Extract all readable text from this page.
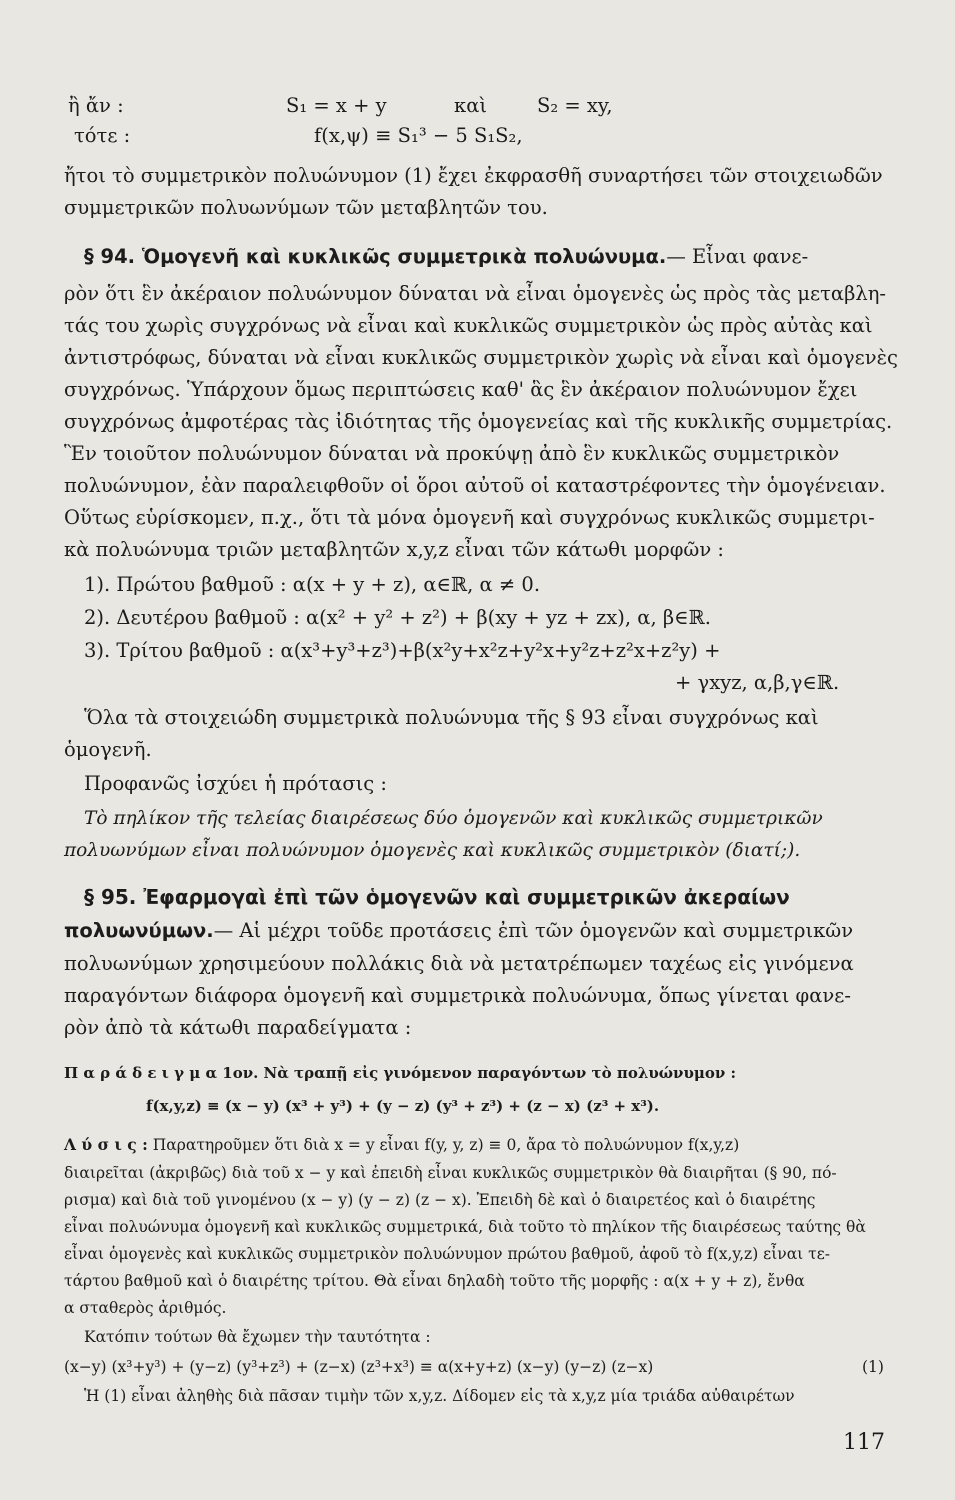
ἢ ἄν :	S₁ = x + y	καὶ	S₂ = xy,
τότε :	f(x,ψ) ≡ S₁³ − 5 S₁S₂,
ἤτοι τὸ συμμετρικὸν πολυώνυμον (1) ἔχει ἐκφρασθῆ συναρτήσει τῶν στοιχειωδῶν
συμμετρικῶν πολυωνύμων τῶν μεταβλητῶν του.
§ 94. Ὁμογενῆ καὶ κυκλικῶς συμμετρικὰ πολυώνυμα.— Εἶναι φανε-
ρὸν ὅτι ἓν ἀκέραιον πολυώνυμον δύναται νὰ εἶναι ὁμογενὲς ὡς πρὸς τὰς μεταβλη-
τάς του χωρὶς συγχρόνως νὰ εἶναι καὶ κυκλικῶς συμμετρικὸν ὡς πρὸς αὐτὰς καὶ
ἀντιστρόφως, δύναται νὰ εἶναι κυκλικῶς συμμετρικὸν χωρὶς νὰ εἶναι καὶ ὁμογενὲς
συγχρόνως. Ὑπάρχουν ὅμως περιπτώσεις καθ' ἃς ἓν ἀκέραιον πολυώνυμον ἔχει
συγχρόνως ἀμφοτέρας τὰς ἰδιότητας τῆς ὁμογενείας καὶ τῆς κυκλικῆς συμμετρίας.
Ἓν τοιοῦτον πολυώνυμον δύναται νὰ προκύψῃ ἀπὸ ἓν κυκλικῶς συμμετρικὸν
πολυώνυμον, ἐὰν παραλειφθοῦν οἱ ὅροι αὐτοῦ οἱ καταστρέφοντες τὴν ὁμογένειαν.
Οὕτως εὑρίσκομεν, π.χ., ὅτι τὰ μόνα ὁμογενῆ καὶ συγχρόνως κυκλικῶς συμμετρι-
κὰ πολυώνυμα τριῶν μεταβλητῶν x,y,z εἶναι τῶν κάτωθι μορφῶν :
1). Πρώτου βαθμοῦ : α(x + y + z), α∈ℝ, α ≠ 0.
2). Δευτέρου βαθμοῦ : α(x² + y² + z²) + β(xy + yz + zx), α, β∈ℝ.
3). Τρίτου βαθμοῦ : α(x³+y³+z³)+β(x²y+x²z+y²x+y²z+z²x+z²y) +
+ γxyz, α,β,γ∈ℝ.
Ὅλα τὰ στοιχειώδη συμμετρικὰ πολυώνυμα τῆς § 93 εἶναι συγχρόνως καὶ
ὁμογενῆ.
Προφανῶς ἰσχύει ἡ πρότασις :
Τὸ πηλίκον τῆς τελείας διαιρέσεως δύο ὁμογενῶν καὶ κυκλικῶς συμμετρικῶν
πολυωνύμων εἶναι πολυώνυμον ὁμογενὲς καὶ κυκλικῶς συμμετρικὸν (διατί;).
§ 95. Ἐφαρμογαὶ ἐπὶ τῶν ὁμογενῶν καὶ συμμετρικῶν ἀκεραίων
πολυωνύμων.— Αἱ μέχρι τοῦδε προτάσεις ἐπὶ τῶν ὁμογενῶν καὶ συμμετρικῶν
πολυωνύμων χρησιμεύουν πολλάκις διὰ νὰ μετατρέπωμεν ταχέως εἰς γινόμενα
παραγόντων διάφορα ὁμογενῆ καὶ συμμετρικὰ πολυώνυμα, ὅπως γίνεται φανε-
ρὸν ἀπὸ τὰ κάτωθι παραδείγματα :
Π α ρ ά δ ε ι γ μ α 1ον. Νὰ τραπῇ εἰς γινόμενον παραγόντων τὸ πολυώνυμον :
f(x,y,z) ≡ (x − y) (x³ + y³) + (y − z) (y³ + z³) + (z − x) (z³ + x³).
Λ ύ σ ι ς : Παρατηροῦμεν ὅτι διὰ x = y εἶναι f(y, y, z) ≡ 0, ἄρα τὸ πολυώνυμον f(x,y,z)
διαιρεῖται (ἀκριβῶς) διὰ τοῦ x − y καὶ ἐπειδὴ εἶναι κυκλικῶς συμμετρικὸν θὰ διαιρῆται (§ 90, πό-
ρισμα) καὶ διὰ τοῦ γινομένου (x − y) (y − z) (z − x). Ἐπειδὴ δὲ καὶ ὁ διαιρετέος καὶ ὁ διαιρέτης
εἶναι πολυώνυμα ὁμογενῆ καὶ κυκλικῶς συμμετρικά, διὰ τοῦτο τὸ πηλίκον τῆς διαιρέσεως ταύτης θὰ
εἶναι ὁμογενὲς καὶ κυκλικῶς συμμετρικὸν πολυώνυμον πρώτου βαθμοῦ, ἀφοῦ τὸ f(x,y,z) εἶναι τε-
τάρτου βαθμοῦ καὶ ὁ διαιρέτης τρίτου. Θὰ εἶναι δηλαδὴ τοῦτο τῆς μορφῆς : α(x + y + z), ἔνθα
α σταθερὸς ἀριθμός.
Κατόπιν τούτων θὰ ἔχωμεν τὴν ταυτότητα :
(x−y) (x³+y³) + (y−z) (y³+z³) + (z−x) (z³+x³) ≡ α(x+y+z) (x−y) (y−z) (z−x)	(1)
Ἡ (1) εἶναι ἀληθὴς διὰ πᾶσαν τιμὴν τῶν x,y,z. Δίδομεν εἰς τὰ x,y,z μία τριάδα αὐθαιρέτων
117
